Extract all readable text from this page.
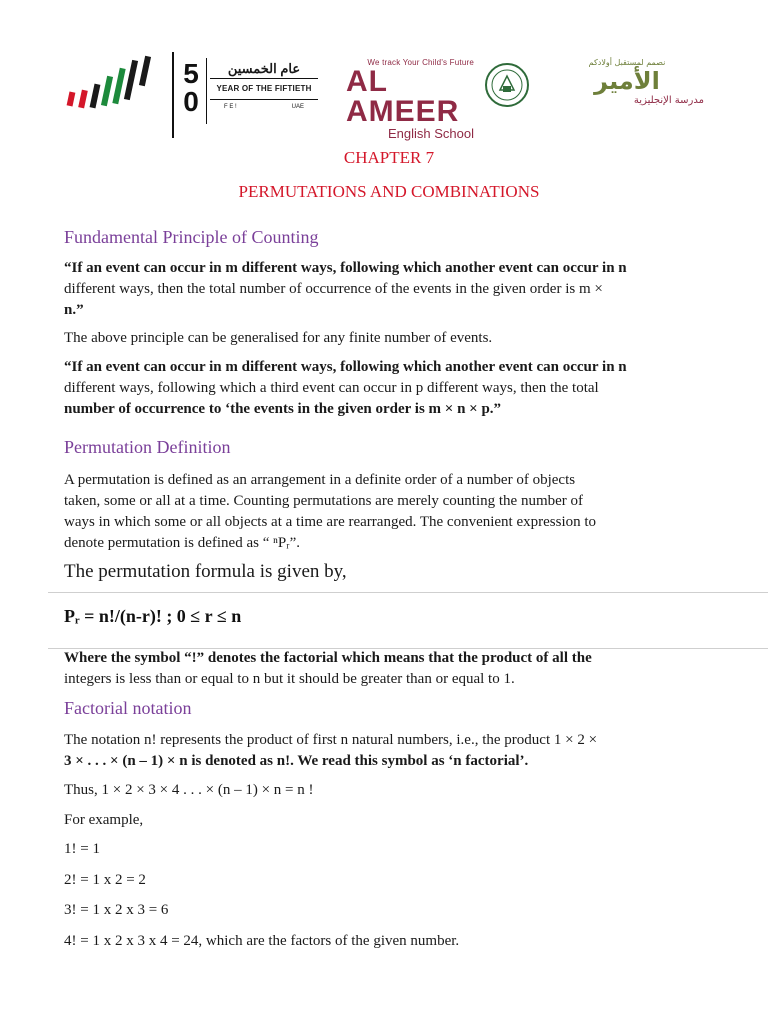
5
0
عام الخمسين
YEAR OF THE FIFTIETH
F E !	UAE
We track Your Child's Future
AL AMEER
English School
نصمم لمستقبل أولادكم
الأمير
مدرسة الإنجليزية
CHAPTER 7
PERMUTATIONS AND COMBINATIONS
Fundamental Principle of Counting
“If an event can occur in m different ways, following which another event can occur in n
different ways, then the total number of occurrence of the events in the given order is m ×
n.”
The above principle can be generalised for any finite number of events.
“If an event can occur in m different ways, following which another event can occur in n
different ways, following which a third event can occur in p different ways, then the total
number of occurrence to ‘the events in the given order is m × n × p.”
Permutation Definition
A permutation is defined as an arrangement in a definite order of a number of objects
taken, some or all at a time. Counting permutations are merely counting the number of
ways in which some or all objects at a time are rearranged. The convenient expression to
denote permutation is defined as “ ⁿPᵣ”.
The permutation formula is given by,
Pᵣ = n!/(n-r)! ; 0 ≤ r ≤ n
Where the symbol “!” denotes the factorial which means that the product of all the
integers is less than or equal to n but it should be greater than or equal to 1.
Factorial notation
The notation n! represents the product of first n natural numbers, i.e., the product 1 × 2 ×
3 × . . . × (n – 1) × n is denoted as n!. We read this symbol as ‘n factorial’.
Thus, 1 × 2 × 3 × 4 . . . × (n – 1) × n = n !
For example,
1! = 1
2! = 1 x 2 = 2
3! = 1 x 2 x 3 = 6
4! = 1 x 2 x 3 x 4 = 24, which are the factors of the given number.
